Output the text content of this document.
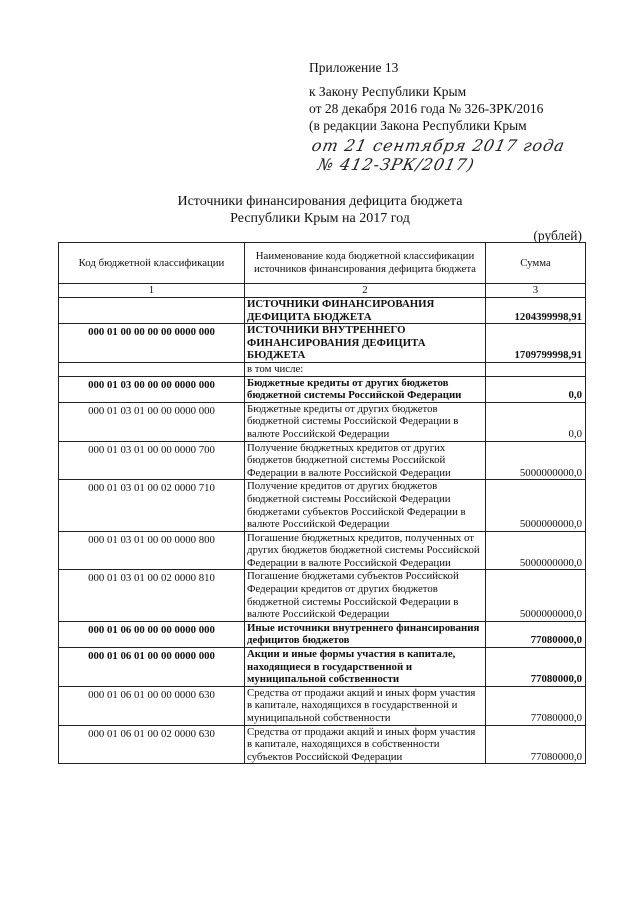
Приложение 13
к Закону Республики Крым
от 28 декабря 2016 года № 326-ЗРК/2016
(в редакции Закона Республики Крым
от 21 сентября 2017 года
№ 412-ЗРК/2017)
Источники финансирования дефицита бюджета
Республики Крым на 2017 год
(рублей)
Код бюджетной классификации	Наименование кода бюджетной классификации источников финансирования дефицита бюджета	Сумма
1	2	3
	ИСТОЧНИКИ ФИНАНСИРОВАНИЯ ДЕФИЦИТА БЮДЖЕТА	1204399998,91
000 01 00 00 00 00 0000 000	ИСТОЧНИКИ ВНУТРЕННЕГО ФИНАНСИРОВАНИЯ ДЕФИЦИТА БЮДЖЕТА	1709799998,91
	в том числе:	
000 01 03 00 00 00 0000 000	Бюджетные кредиты от других бюджетов бюджетной системы Российской Федерации	0,0
000 01 03 01 00 00 0000 000	Бюджетные кредиты от других бюджетов бюджетной системы Российской Федерации в валюте Российской Федерации	0,0
000 01 03 01 00 00 0000 700	Получение бюджетных кредитов от других бюджетов бюджетной системы Российской Федерации в валюте Российской Федерации	5000000000,0
000 01 03 01 00 02 0000 710	Получение кредитов от других бюджетов бюджетной системы Российской Федерации бюджетами субъектов Российской Федерации в валюте Российской Федерации	5000000000,0
000 01 03 01 00 00 0000 800	Погашение бюджетных кредитов, полученных от других бюджетов бюджетной системы Российской Федерации в валюте Российской Федерации	5000000000,0
000 01 03 01 00 02 0000 810	Погашение бюджетами субъектов Российской Федерации кредитов от других бюджетов бюджетной системы Российской Федерации в валюте Российской Федерации	5000000000,0
000 01 06 00 00 00 0000 000	Иные источники внутреннего финансирования дефицитов бюджетов	77080000,0
000 01 06 01 00 00 0000 000	Акции и иные формы участия в капитале, находящиеся в государственной и муниципальной собственности	77080000,0
000 01 06 01 00 00 0000 630	Средства от продажи акций и иных форм участия в капитале, находящихся в государственной и муниципальной собственности	77080000,0
000 01 06 01 00 02 0000 630	Средства от продажи акций и иных форм участия в капитале, находящихся в собственности субъектов Российской Федерации	77080000,0
